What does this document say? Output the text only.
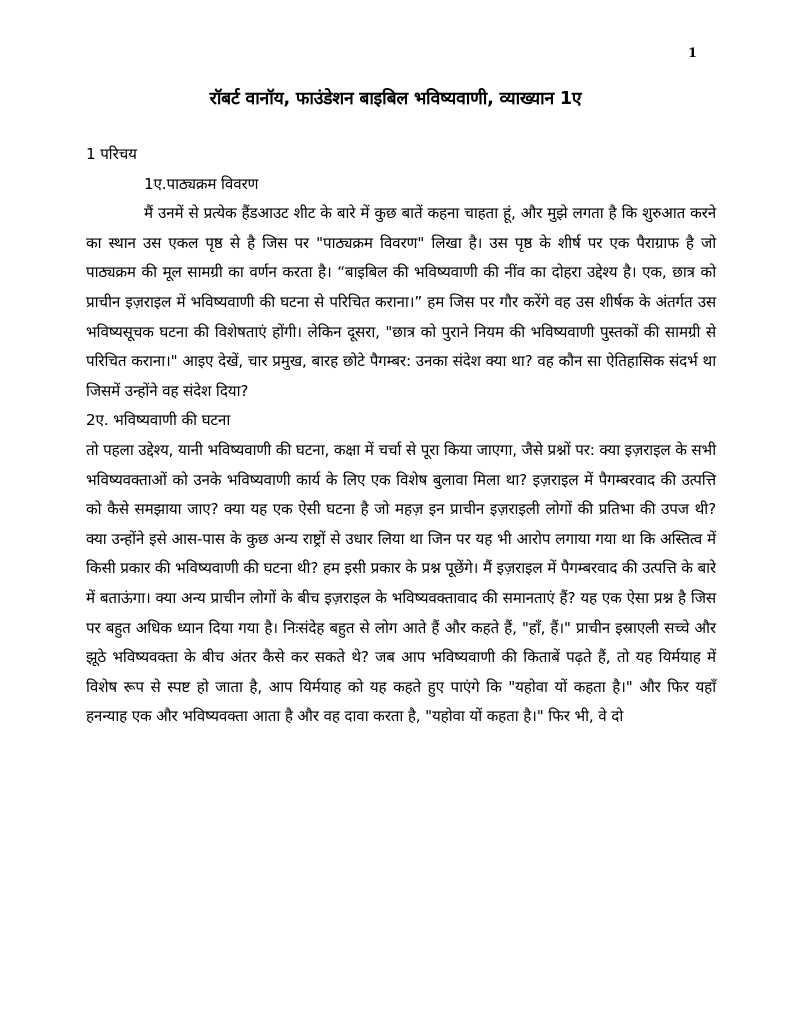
1
रॉबर्ट वानॉय, फाउंडेशन बाइबिल भविष्यवाणी, व्याख्यान 1ए

1 परिचय

1ए.पाठ्यक्रम विवरण

मैं उनमें से प्रत्येक हैंडआउट शीट के बारे में कुछ बातें कहना चाहता हूं, और मुझे लगता है कि शुरुआत करने का स्थान उस एकल पृष्ठ से है जिस पर "पाठ्यक्रम विवरण" लिखा है। उस पृष्ठ के शीर्ष पर एक पैराग्राफ है जो पाठ्यक्रम की मूल सामग्री का वर्णन करता है। “बाइबिल की भविष्यवाणी की नींव का दोहरा उद्देश्य है। एक, छात्र को प्राचीन इज़राइल में भविष्यवाणी की घटना से परिचित कराना।” हम जिस पर गौर करेंगे वह उस शीर्षक के अंतर्गत उस भविष्यसूचक घटना की विशेषताएं होंगी। लेकिन दूसरा, "छात्र को पुराने नियम की भविष्यवाणी पुस्तकों की सामग्री से परिचित कराना।" आइए देखें, चार प्रमुख, बारह छोटे पैगम्बर: उनका संदेश क्या था? वह कौन सा ऐतिहासिक संदर्भ था जिसमें उन्होंने वह संदेश दिया?

2ए. भविष्यवाणी की घटना

तो पहला उद्देश्य, यानी भविष्यवाणी की घटना, कक्षा में चर्चा से पूरा किया जाएगा, जैसे प्रश्नों पर: क्या इज़राइल के सभी भविष्यवक्ताओं को उनके भविष्यवाणी कार्य के लिए एक विशेष बुलावा मिला था? इज़राइल में पैगम्बरवाद की उत्पत्ति को कैसे समझाया जाए? क्या यह एक ऐसी घटना है जो महज़ इन प्राचीन इज़राइली लोगों की प्रतिभा की उपज थी? क्या उन्होंने इसे आस-पास के कुछ अन्य राष्ट्रों से उधार लिया था जिन पर यह भी आरोप लगाया गया था कि अस्तित्व में किसी प्रकार की भविष्यवाणी की घटना थी? हम इसी प्रकार के प्रश्न पूछेंगे। मैं इज़राइल में पैगम्बरवाद की उत्पत्ति के बारे में बताऊंगा। क्या अन्य प्राचीन लोगों के बीच इज़राइल के भविष्यवक्तावाद की समानताएं हैं? यह एक ऐसा प्रश्न है जिस पर बहुत अधिक ध्यान दिया गया है। निःसंदेह बहुत से लोग आते हैं और कहते हैं, "हाँ, हैं।" प्राचीन इस्राएली सच्चे और झूठे भविष्यवक्ता के बीच अंतर कैसे कर सकते थे? जब आप भविष्यवाणी की किताबें पढ़ते हैं, तो यह यिर्मयाह में विशेष रूप से स्पष्ट हो जाता है, आप यिर्मयाह को यह कहते हुए पाएंगे कि "यहोवा यों कहता है।" और फिर यहाँ हनन्याह एक और भविष्यवक्ता आता है और वह दावा करता है, "यहोवा यों कहता है।" फिर भी, वे दो
